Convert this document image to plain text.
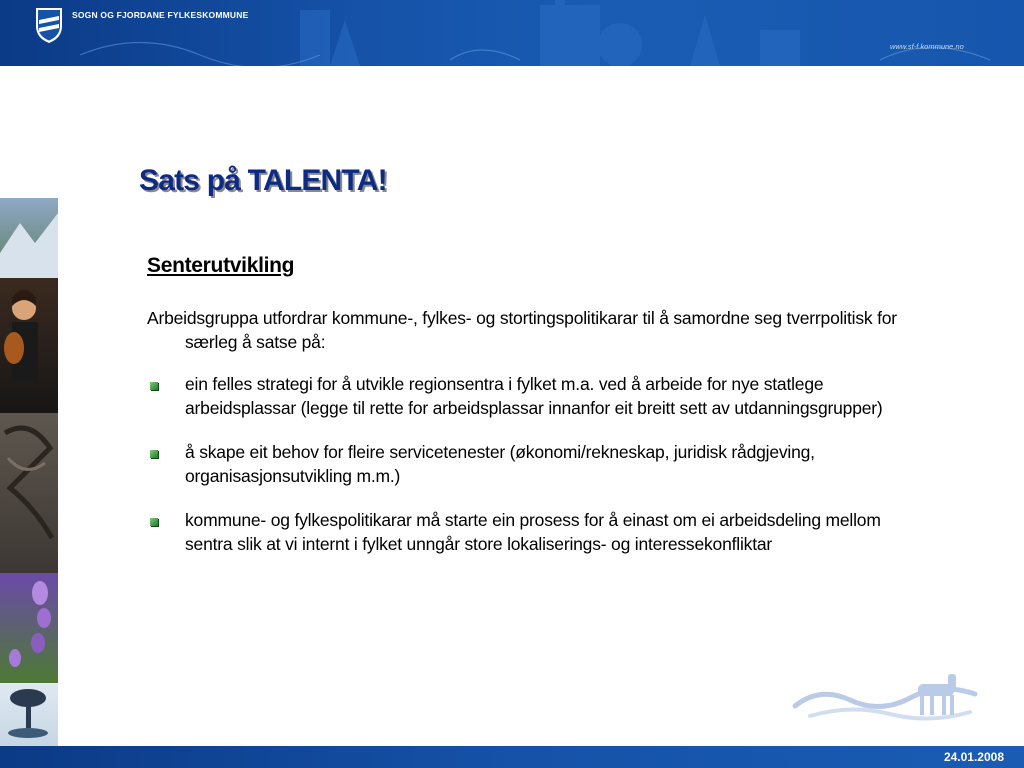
SOGN OG FJORDANE FYLKESKOMMUNE
www.sf-f.kommune.no
Sats på TALENTA!

Senterutvikling

Arbeidsgruppa utfordrar kommune-, fylkes- og stortingspolitikarar til å samordne seg tverrpolitisk for særleg å satse på:

ein felles strategi for å utvikle regionsentra i fylket m.a. ved å arbeide for nye statlege arbeidsplassar (legge til rette for arbeidsplassar innanfor eit breitt sett av utdanningsgrupper)
å skape eit behov for fleire servicetenester (økonomi/rekneskap, juridisk rådgjeving, organisasjonsutvikling m.m.)
kommune- og fylkespolitikarar må starte ein prosess for å einast om ei arbeidsdeling mellom sentra slik at vi internt i fylket unngår store lokaliserings- og interessekonfliktar
24.01.2008
